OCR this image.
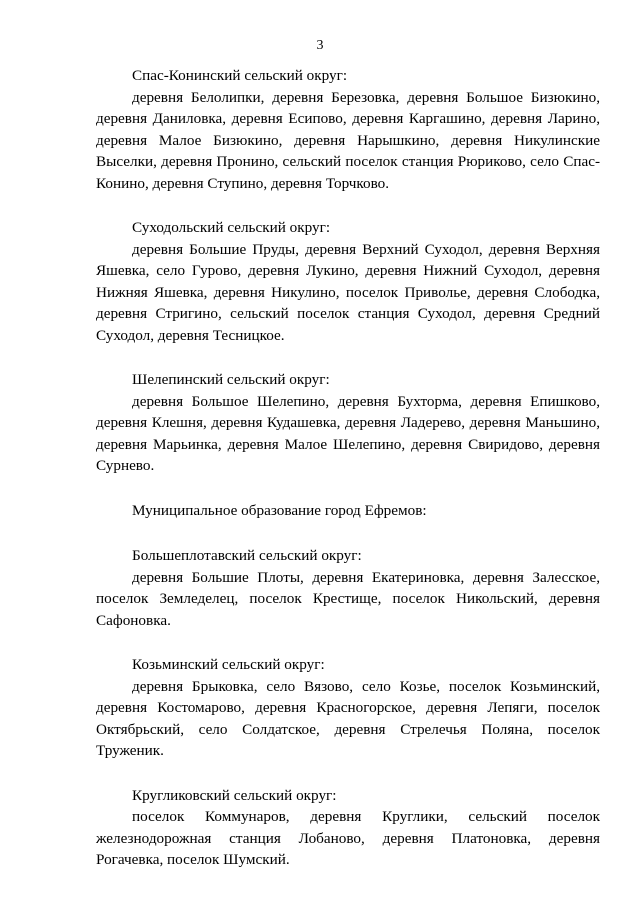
3
Спас-Конинский сельский округ:
деревня Белолипки, деревня Березовка, деревня Большое Бизюкино, деревня Даниловка, деревня Есипово, деревня Каргашино, деревня Ларино, деревня Малое Бизюкино, деревня Нарышкино, деревня Никулинские Выселки, деревня Пронино, сельский поселок станция Рюриково, село Спас-Конино, деревня Ступино, деревня Торчково.
Суходольский сельский округ:
деревня Большие Пруды, деревня Верхний Суходол, деревня Верхняя Яшевка, село Гурово, деревня Лукино, деревня Нижний Суходол, деревня Нижняя Яшевка, деревня Никулино, поселок Приволье, деревня Слободка, деревня Стригино, сельский поселок станция Суходол, деревня Средний Суходол, деревня Тесницкое.
Шелепинский сельский округ:
деревня Большое Шелепино, деревня Бухторма, деревня Епишково, деревня Клешня, деревня Кудашевка, деревня Ладерево, деревня Маньшино, деревня Марьинка, деревня Малое Шелепино, деревня Свиридово, деревня Сурнево.
Муниципальное образование город Ефремов:
Большеплотавский сельский округ:
деревня Большие Плоты, деревня Екатериновка, деревня Залесское, поселок Земледелец, поселок Крестище, поселок Никольский, деревня Сафоновка.
Козьминский сельский округ:
деревня Брыковка, село Вязово, село Козье, поселок Козьминский, деревня Костомарово, деревня Красногорское, деревня Лепяги, поселок Октябрьский, село Солдатское, деревня Стрелечья Поляна, поселок Труженик.
Кругликовский сельский округ:
поселок Коммунаров, деревня Круглики, сельский поселок железнодорожная станция Лобаново, деревня Платоновка, деревня Рогачевка, поселок Шумский.
